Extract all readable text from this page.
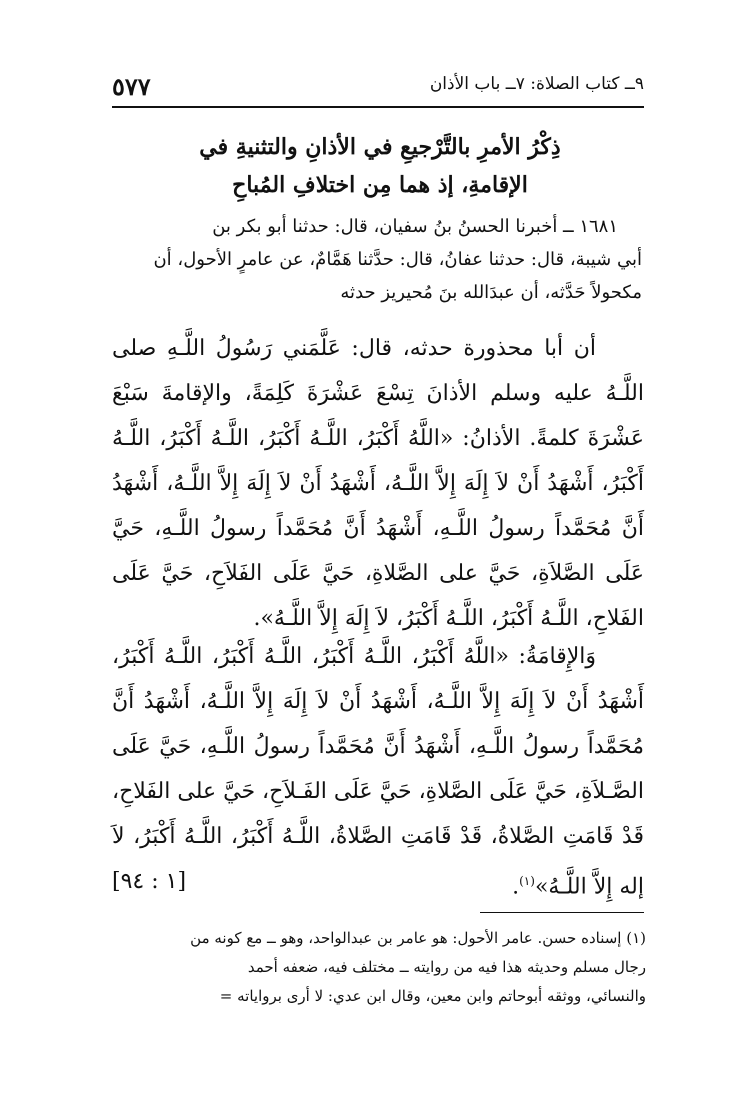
٩ــ كتاب الصلاة: ٧ــ باب الأذان
٥٧٧
ذِكْرُ الأمرِ بالتَّرْجيعِ في الأذانِ والتثنيةِ في
الإقامةِ، إذ هما مِن اختلافِ المُباحِ

١٦٨١ ــ أخبرنا الحسنُ بنُ سفيان، قال: حدثنا أبو بكر بن

أبي شيبة، قال: حدثنا عفانُ، قال: حدَّثنا هَمَّامٌ، عن عامرٍ الأحول، أن

مكحولاً حَدَّثه، أن عبدَالله بنَ مُحيريز حدثه

أن أبا محذورة حدثه، قال: عَلَّمَني رَسُولُ اللَّـهِ صلى اللَّـهُ عليه وسلم الأذانَ تِسْعَ عَشْرَةَ كَلِمَةً، والإقامةَ سَبْعَ عَشْرَةَ كلمةً. الأذانُ: «اللَّهُ أَكْبَرُ، اللَّـهُ أَكْبَرُ، اللَّـهُ أَكْبَرُ، اللَّـهُ أَكْبَرُ، أَشْهَدُ أَنْ لاَ إِلَهَ إِلاَّ اللَّـهُ، أَشْهَدُ أَنْ لاَ إِلَهَ إِلاَّ اللَّـهُ، أَشْهَدُ أَنَّ مُحَمَّداً رسولُ اللَّـهِ، أَشْهَدُ أَنَّ مُحَمَّداً رسولُ اللَّـهِ، حَيَّ عَلَى الصَّلاَةِ، حَيَّ على الصَّلاةِ، حَيَّ عَلَى الفَلاَحِ، حَيَّ عَلَى الفَلاحِ، اللَّـهُ أَكْبَرُ، اللَّـهُ أَكْبَرُ، لاَ إِلَهَ إِلاَّ اللَّـهُ».

وَالإِقامَةُ: «اللَّهُ أَكْبَرُ، اللَّـهُ أَكْبَرُ، اللَّـهُ أَكْبَرُ، اللَّـهُ أَكْبَرُ، أَشْهَدُ أَنْ لاَ إِلَهَ إِلاَّ اللَّـهُ، أَشْهَدُ أَنْ لاَ إِلَهَ إِلاَّ اللَّـهُ، أَشْهَدُ أَنَّ مُحَمَّداً رسولُ اللَّـهِ، أَشْهَدُ أَنَّ مُحَمَّداً رسولُ اللَّـهِ، حَيَّ عَلَى الصَّـلاَةِ، حَيَّ عَلَى الصَّلاةِ، حَيَّ عَلَى الفَـلاَحِ، حَيَّ على الفَلاحِ، قَدْ قَامَتِ الصَّلاةُ، قَدْ قَامَتِ الصَّلاةُ، اللَّـهُ أَكْبَرُ، اللَّـهُ أَكْبَرُ، لاَ إله إِلاَّ اللَّـهُ»$^{(١)}$.

[١ : ٩٤]

(١) إسناده حسن. عامر الأحول: هو عامر بن عبدالواحد، وهو ــ مع كونه من

رجال مسلم وحديثه هذا فيه من روايته ــ مختلف فيه، ضعفه أحمد

والنسائي، ووثقه أبوحاتم وابن معين، وقال ابن عدي: لا أرى برواياته =
